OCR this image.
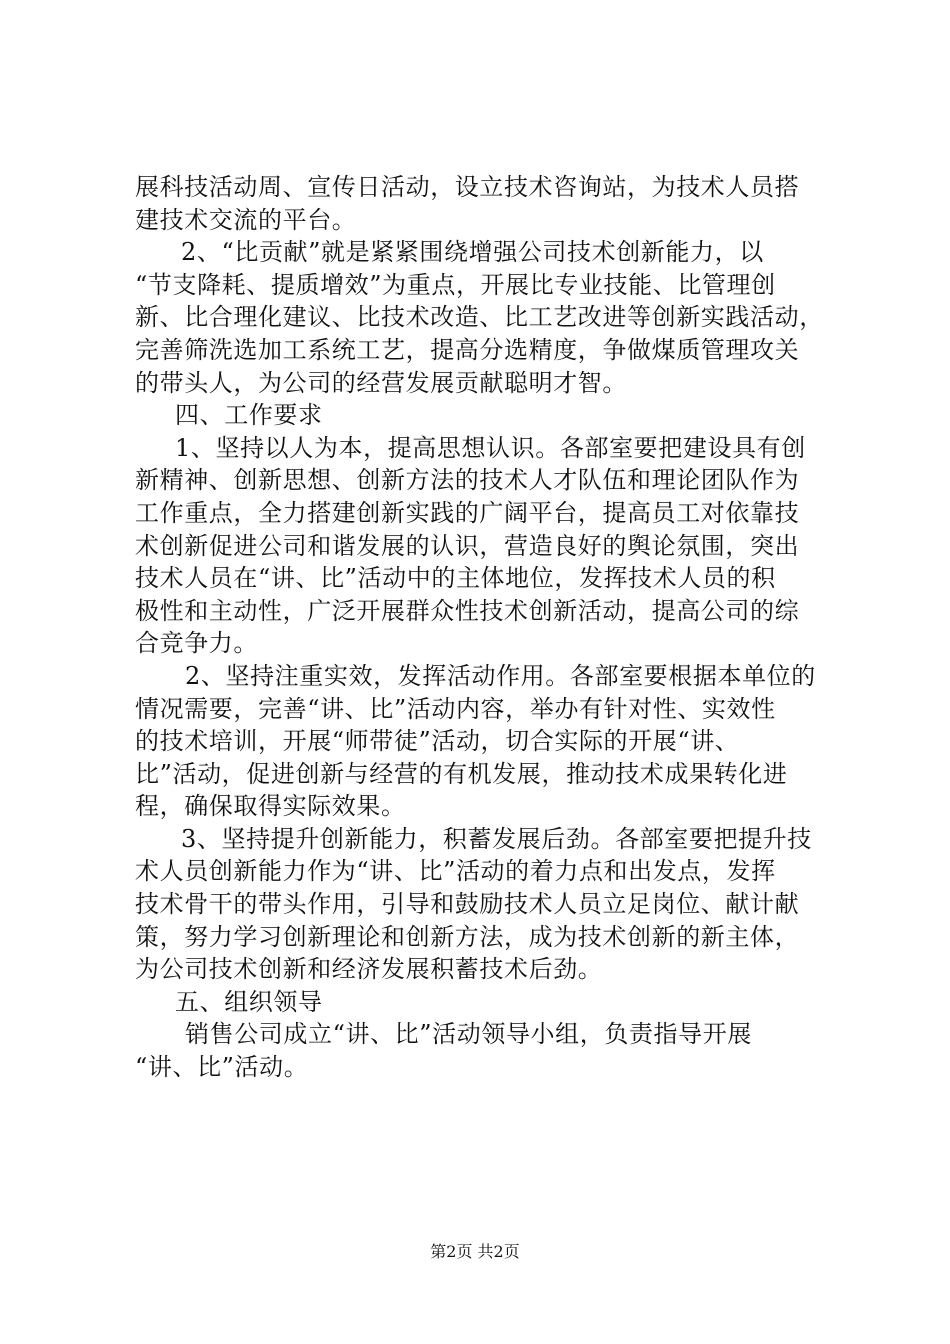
展科技活动周、宣传日活动，设立技术咨询站，为技术人员搭
建技术交流的平台。
2、“比贡献”就是紧紧围绕增强公司技术创新能力，以
“节支降耗、提质增效”为重点，开展比专业技能、比管理创
新、比合理化建议、比技术改造、比工艺改进等创新实践活动，
完善筛洗选加工系统工艺，提高分选精度，争做煤质管理攻关
的带头人，为公司的经营发展贡献聪明才智。
四、工作要求
1、坚持以人为本，提高思想认识。各部室要把建设具有创
新精神、创新思想、创新方法的技术人才队伍和理论团队作为
工作重点，全力搭建创新实践的广阔平台，提高员工对依靠技
术创新促进公司和谐发展的认识，营造良好的舆论氛围，突出
技术人员在“讲、比”活动中的主体地位，发挥技术人员的积
极性和主动性，广泛开展群众性技术创新活动，提高公司的综
合竞争力。
2、坚持注重实效，发挥活动作用。各部室要根据本单位的
情况需要，完善“讲、比”活动内容，举办有针对性、实效性
的技术培训，开展“师带徒”活动，切合实际的开展“讲、
比”活动，促进创新与经营的有机发展，推动技术成果转化进
程，确保取得实际效果。
3、坚持提升创新能力，积蓄发展后劲。各部室要把提升技
术人员创新能力作为“讲、比”活动的着力点和出发点，发挥
技术骨干的带头作用，引导和鼓励技术人员立足岗位、献计献
策，努力学习创新理论和创新方法，成为技术创新的新主体，
为公司技术创新和经济发展积蓄技术后劲。
五、组织领导
销售公司成立“讲、比”活动领导小组，负责指导开展
“讲、比”活动。
第2页 共2页
